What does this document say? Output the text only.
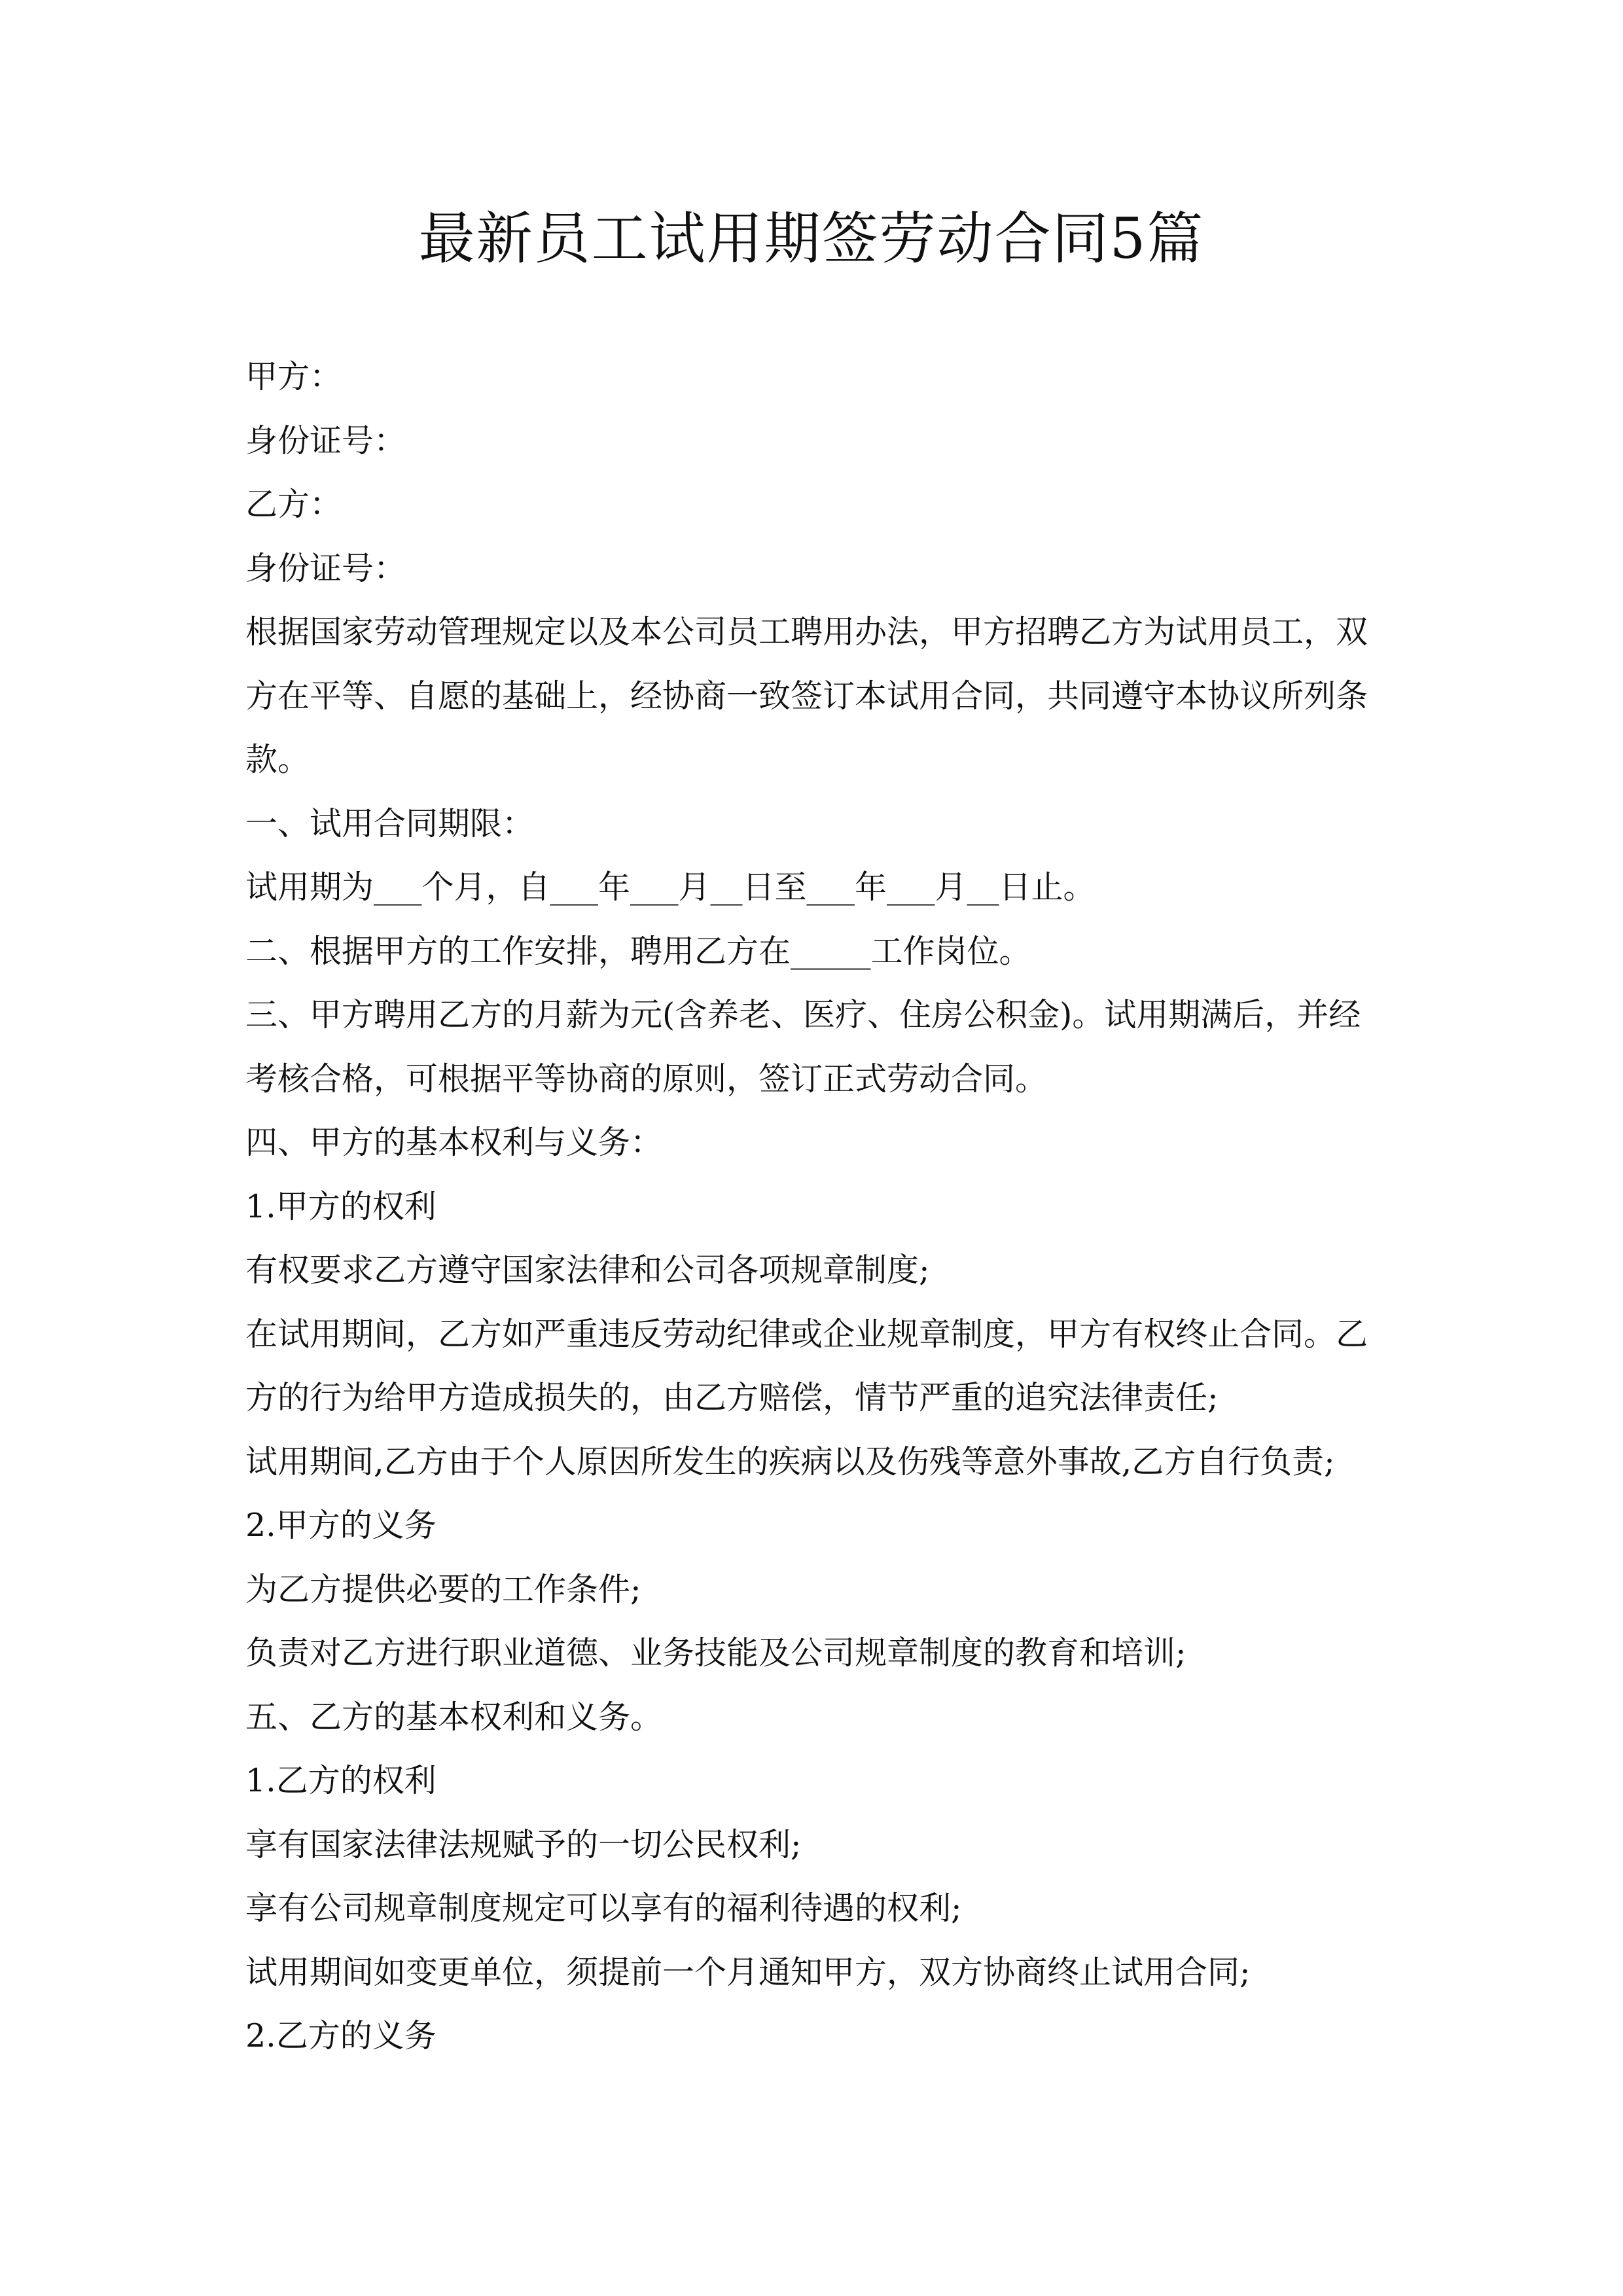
最新员工试用期签劳动合同5篇
甲方：
身份证号：
乙方：
身份证号：
根据国家劳动管理规定以及本公司员工聘用办法，甲方招聘乙方为试用员工，双
方在平等、自愿的基础上，经协商一致签订本试用合同，共同遵守本协议所列条
款。
一、试用合同期限：
试用期为___个月，自___年___月__日至___年___月__日止。
二、根据甲方的工作安排，聘用乙方在_____工作岗位。
三、甲方聘用乙方的月薪为元(含养老、医疗、住房公积金)。试用期满后，并经
考核合格，可根据平等协商的原则，签订正式劳动合同。
四、甲方的基本权利与义务：
1.甲方的权利
有权要求乙方遵守国家法律和公司各项规章制度;
在试用期间，乙方如严重违反劳动纪律或企业规章制度，甲方有权终止合同。乙
方的行为给甲方造成损失的，由乙方赔偿，情节严重的追究法律责任;
试用期间,乙方由于个人原因所发生的疾病以及伤残等意外事故,乙方自行负责;
2.甲方的义务
为乙方提供必要的工作条件;
负责对乙方进行职业道德、业务技能及公司规章制度的教育和培训;
五、乙方的基本权利和义务。
1.乙方的权利
享有国家法律法规赋予的一切公民权利;
享有公司规章制度规定可以享有的福利待遇的权利;
试用期间如变更单位，须提前一个月通知甲方，双方协商终止试用合同;
2.乙方的义务
